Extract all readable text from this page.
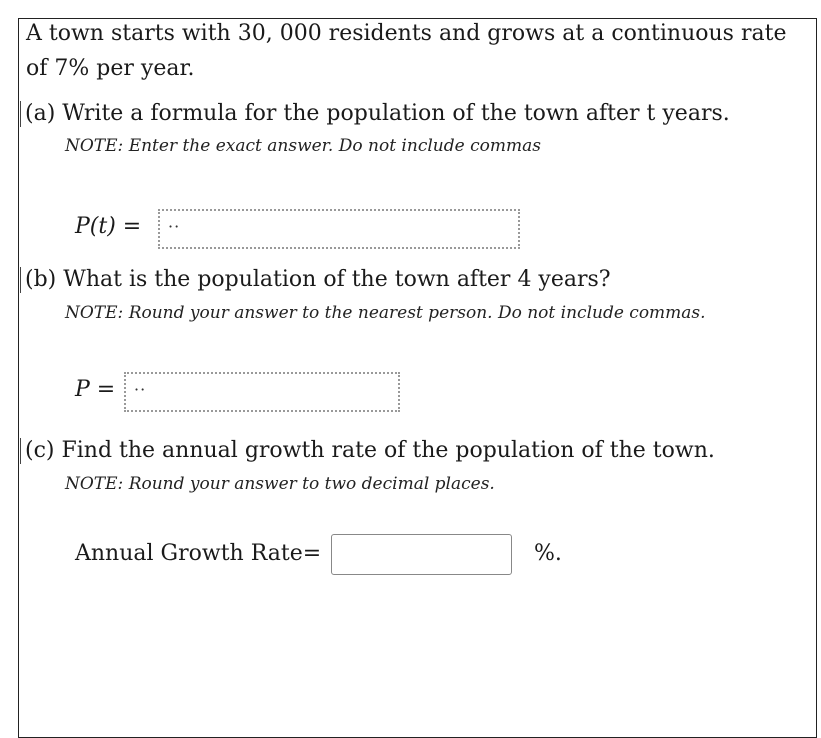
A town starts with 30, 000 residents and grows at a continuous rate
of 7% per year.
(a) Write a formula for the population of the town after t years.
NOTE: Enter the exact answer. Do not include commas
P(t) = ··
(b) What is the population of the town after 4 years?
NOTE: Round your answer to the nearest person. Do not include commas.
P = ··
(c) Find the annual growth rate of the population of the town.
NOTE: Round your answer to two decimal places.
Annual Growth Rate=	%.
